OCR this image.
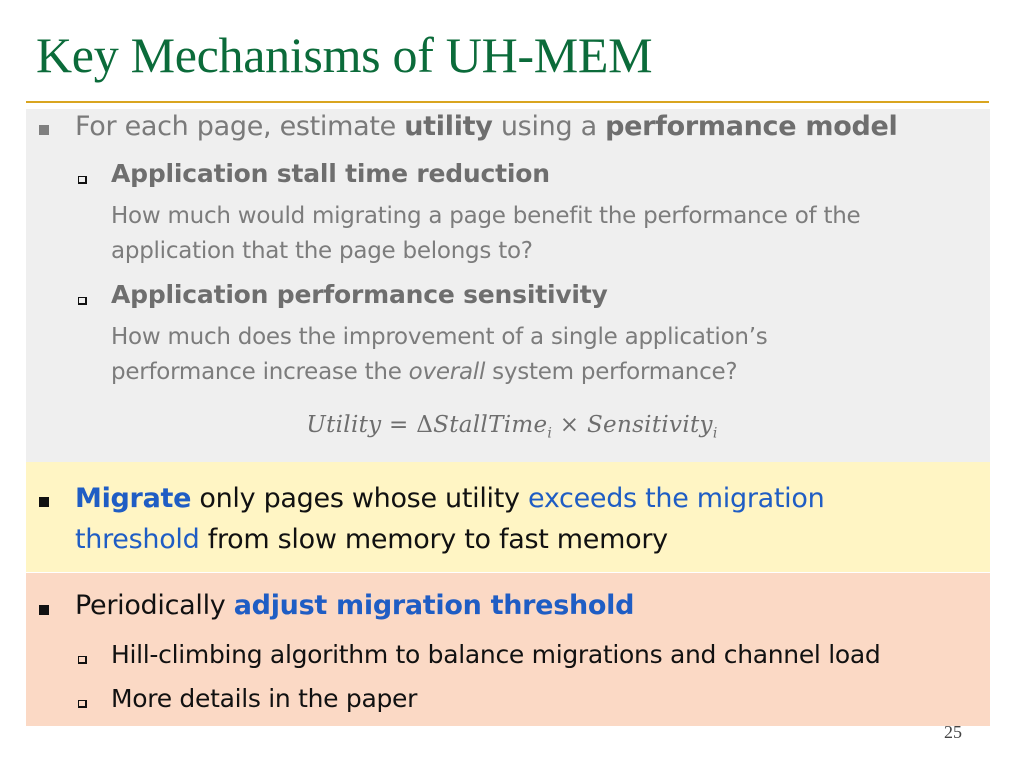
Key Mechanisms of UH-MEM
For each page, estimate utility using a performance model
Application stall time reduction
How much would migrating a page benefit the performance of the
application that the page belongs to?
Application performance sensitivity
How much does the improvement of a single application’s
performance increase the overall system performance?
Utility = ΔStallTime$_i$ × Sensitivity$_i$
Migrate only pages whose utility exceeds the migration
threshold from slow memory to fast memory
Periodically adjust migration threshold
Hill-climbing algorithm to balance migrations and channel load
More details in the paper
25
